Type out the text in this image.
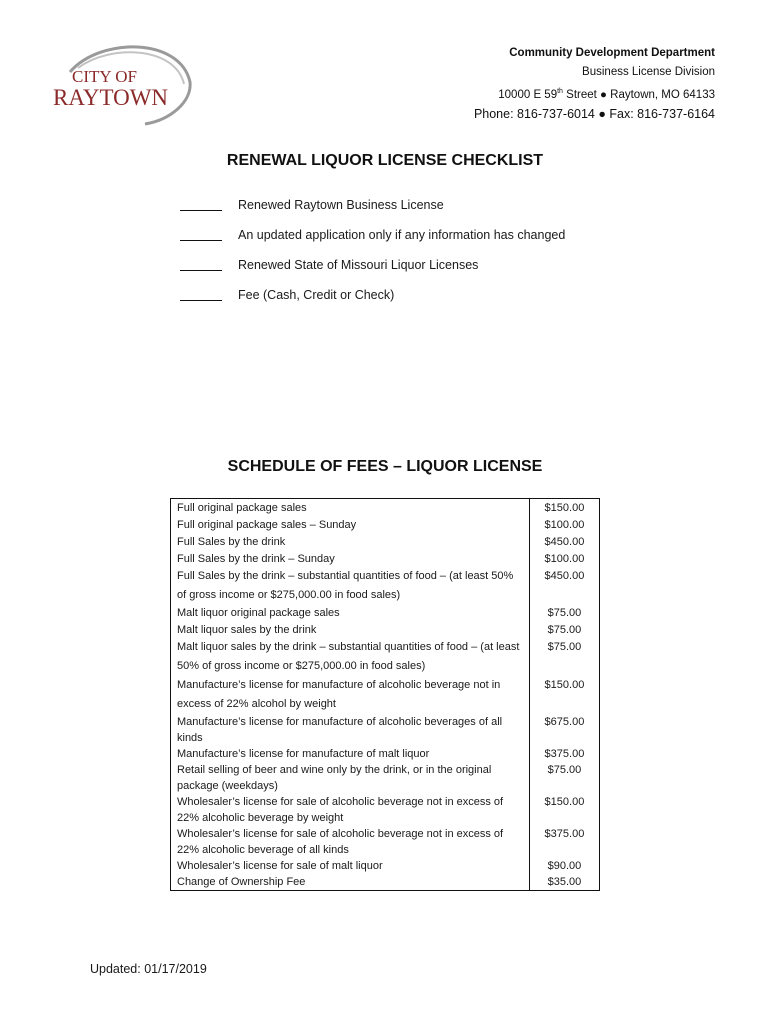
CITY OF
RAYTOWN
Community Development Department
Business License Division
10000 E 59th Street ● Raytown, MO 64133
Phone: 816-737-6014 ● Fax: 816-737-6164
RENEWAL LIQUOR LICENSE CHECKLIST
Renewed Raytown Business License
An updated application only if any information has changed
Renewed State of Missouri Liquor Licenses
Fee (Cash, Credit or Check)
SCHEDULE OF FEES – LIQUOR LICENSE
Full original package sales	$150.00
Full original package sales – Sunday	$100.00
Full Sales by the drink	$450.00
Full Sales by the drink – Sunday	$100.00
Full Sales by the drink – substantial quantities of food – (at least 50% of gross income or $275,000.00 in food sales)	$450.00
Malt liquor original package sales	$75.00
Malt liquor sales by the drink	$75.00
Malt liquor sales by the drink – substantial quantities of food – (at least 50% of gross income or $275,000.00 in food sales)	$75.00
Manufacture’s license for manufacture of alcoholic beverage not in excess of 22% alcohol by weight	$150.00
Manufacture’s license for manufacture of alcoholic beverages of all kinds	$675.00
Manufacture’s license for manufacture of malt liquor	$375.00
Retail selling of beer and wine only by the drink, or in the original package (weekdays)	$75.00
Wholesaler’s license for sale of alcoholic beverage not in excess of 22% alcoholic beverage by weight	$150.00
Wholesaler’s license for sale of alcoholic beverage not in excess of 22% alcoholic beverage of all kinds	$375.00
Wholesaler’s license for sale of malt liquor	$90.00
Change of Ownership Fee	$35.00
Updated: 01/17/2019
